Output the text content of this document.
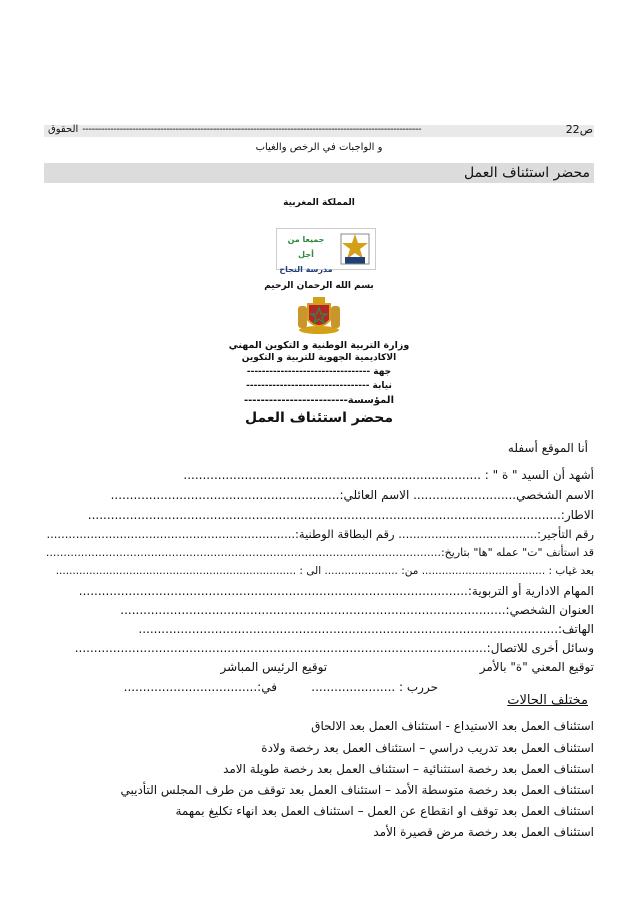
الحقوق -------------------------------------------------------------------------------------------------------------	ص22
و الواجبات في الرخص والغياب
محضر استئناف العمل
المملكة المغربية
جميعا من أجل
مدرسة النجاح
بسم الله الرحمان الرحيم
وزارة التربية الوطنية و التكوين المهني
الاكاديمية الجهوية للتربية و التكوين
جهة ---------------------------------
نيابة ---------------------------------
المؤسسة-------------------------
محضر استئناف العمل
أنا الموقع أسفله
أشهد أن السيد " ة " : ..............................................................................
الاسم الشخصي........................... الاسم العائلي:............................................................
الاطار:............................................................................................................................
رقم التأجير:...................................... رقم البطاقة الوطنية:....................................................................
قد استأنف "ت" عمله "ها" بتاريخ:.................................................................................................................
بعد غياب : ..................................... من: ...................... الى : ........................................................................
المهام الادارية أو التربوية:......................................................................................................
العنوان الشخصي:.....................................................................................................
الهاتف:..............................................................................................................
وسائل أخرى للاتصال:............................................................................................................
توقيع المعني "ة" بالأمر                                        توقيع الرئيس المباشر
حررب : ......................         في:...................................
مختلف الحالات
استئناف العمل بعد الاستيداع - استئناف العمل بعد الالحاق
استئناف العمل بعد تدريب دراسي – استئناف العمل بعد رخصة ولادة
استئناف العمل بعد رخصة استثنائية – استئناف العمل بعد رخصة طويلة الامد
استئناف العمل بعد رخصة متوسطة الأمد – استئناف العمل بعد توقف من طرف المجلس التأديبي
استئناف العمل بعد توقف او انقطاع عن العمل – استئناف العمل بعد انهاء تكليغ بمهمة
استئناف العمل بعد رخصة مرض قصيرة الأمد
